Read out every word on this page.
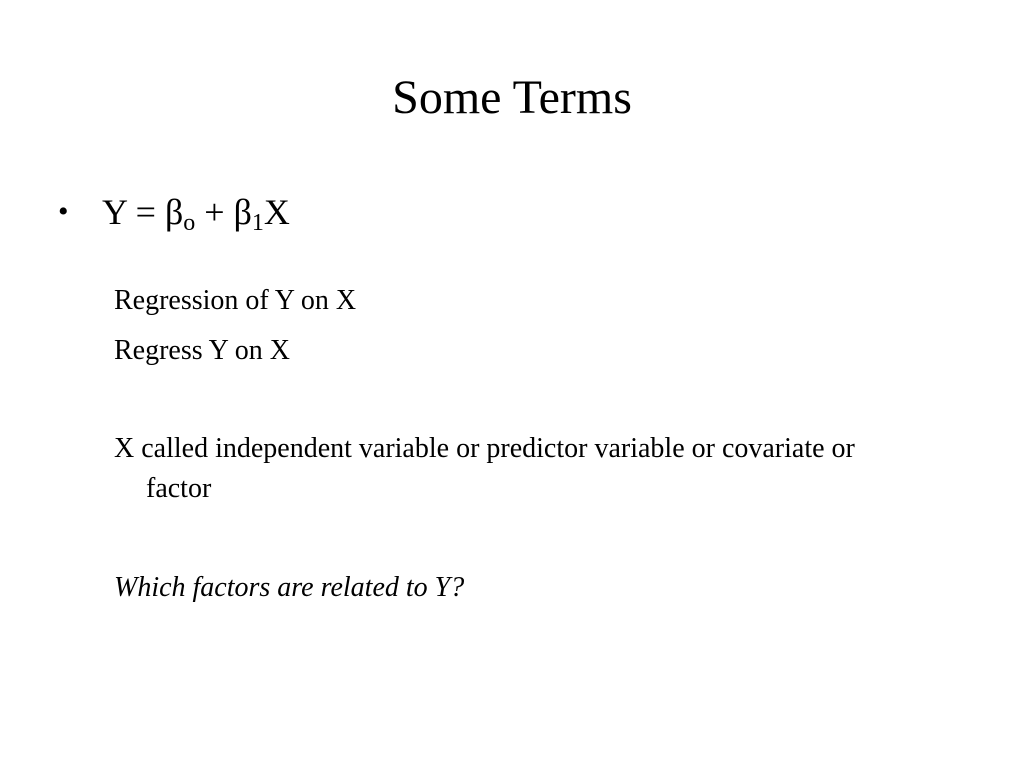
Some Terms
• $Y = \beta_o + \beta_1X$
Regression of Y on X
Regress Y on X
X called independent variable or predictor variable or covariate or factor
Which factors are related to Y?
